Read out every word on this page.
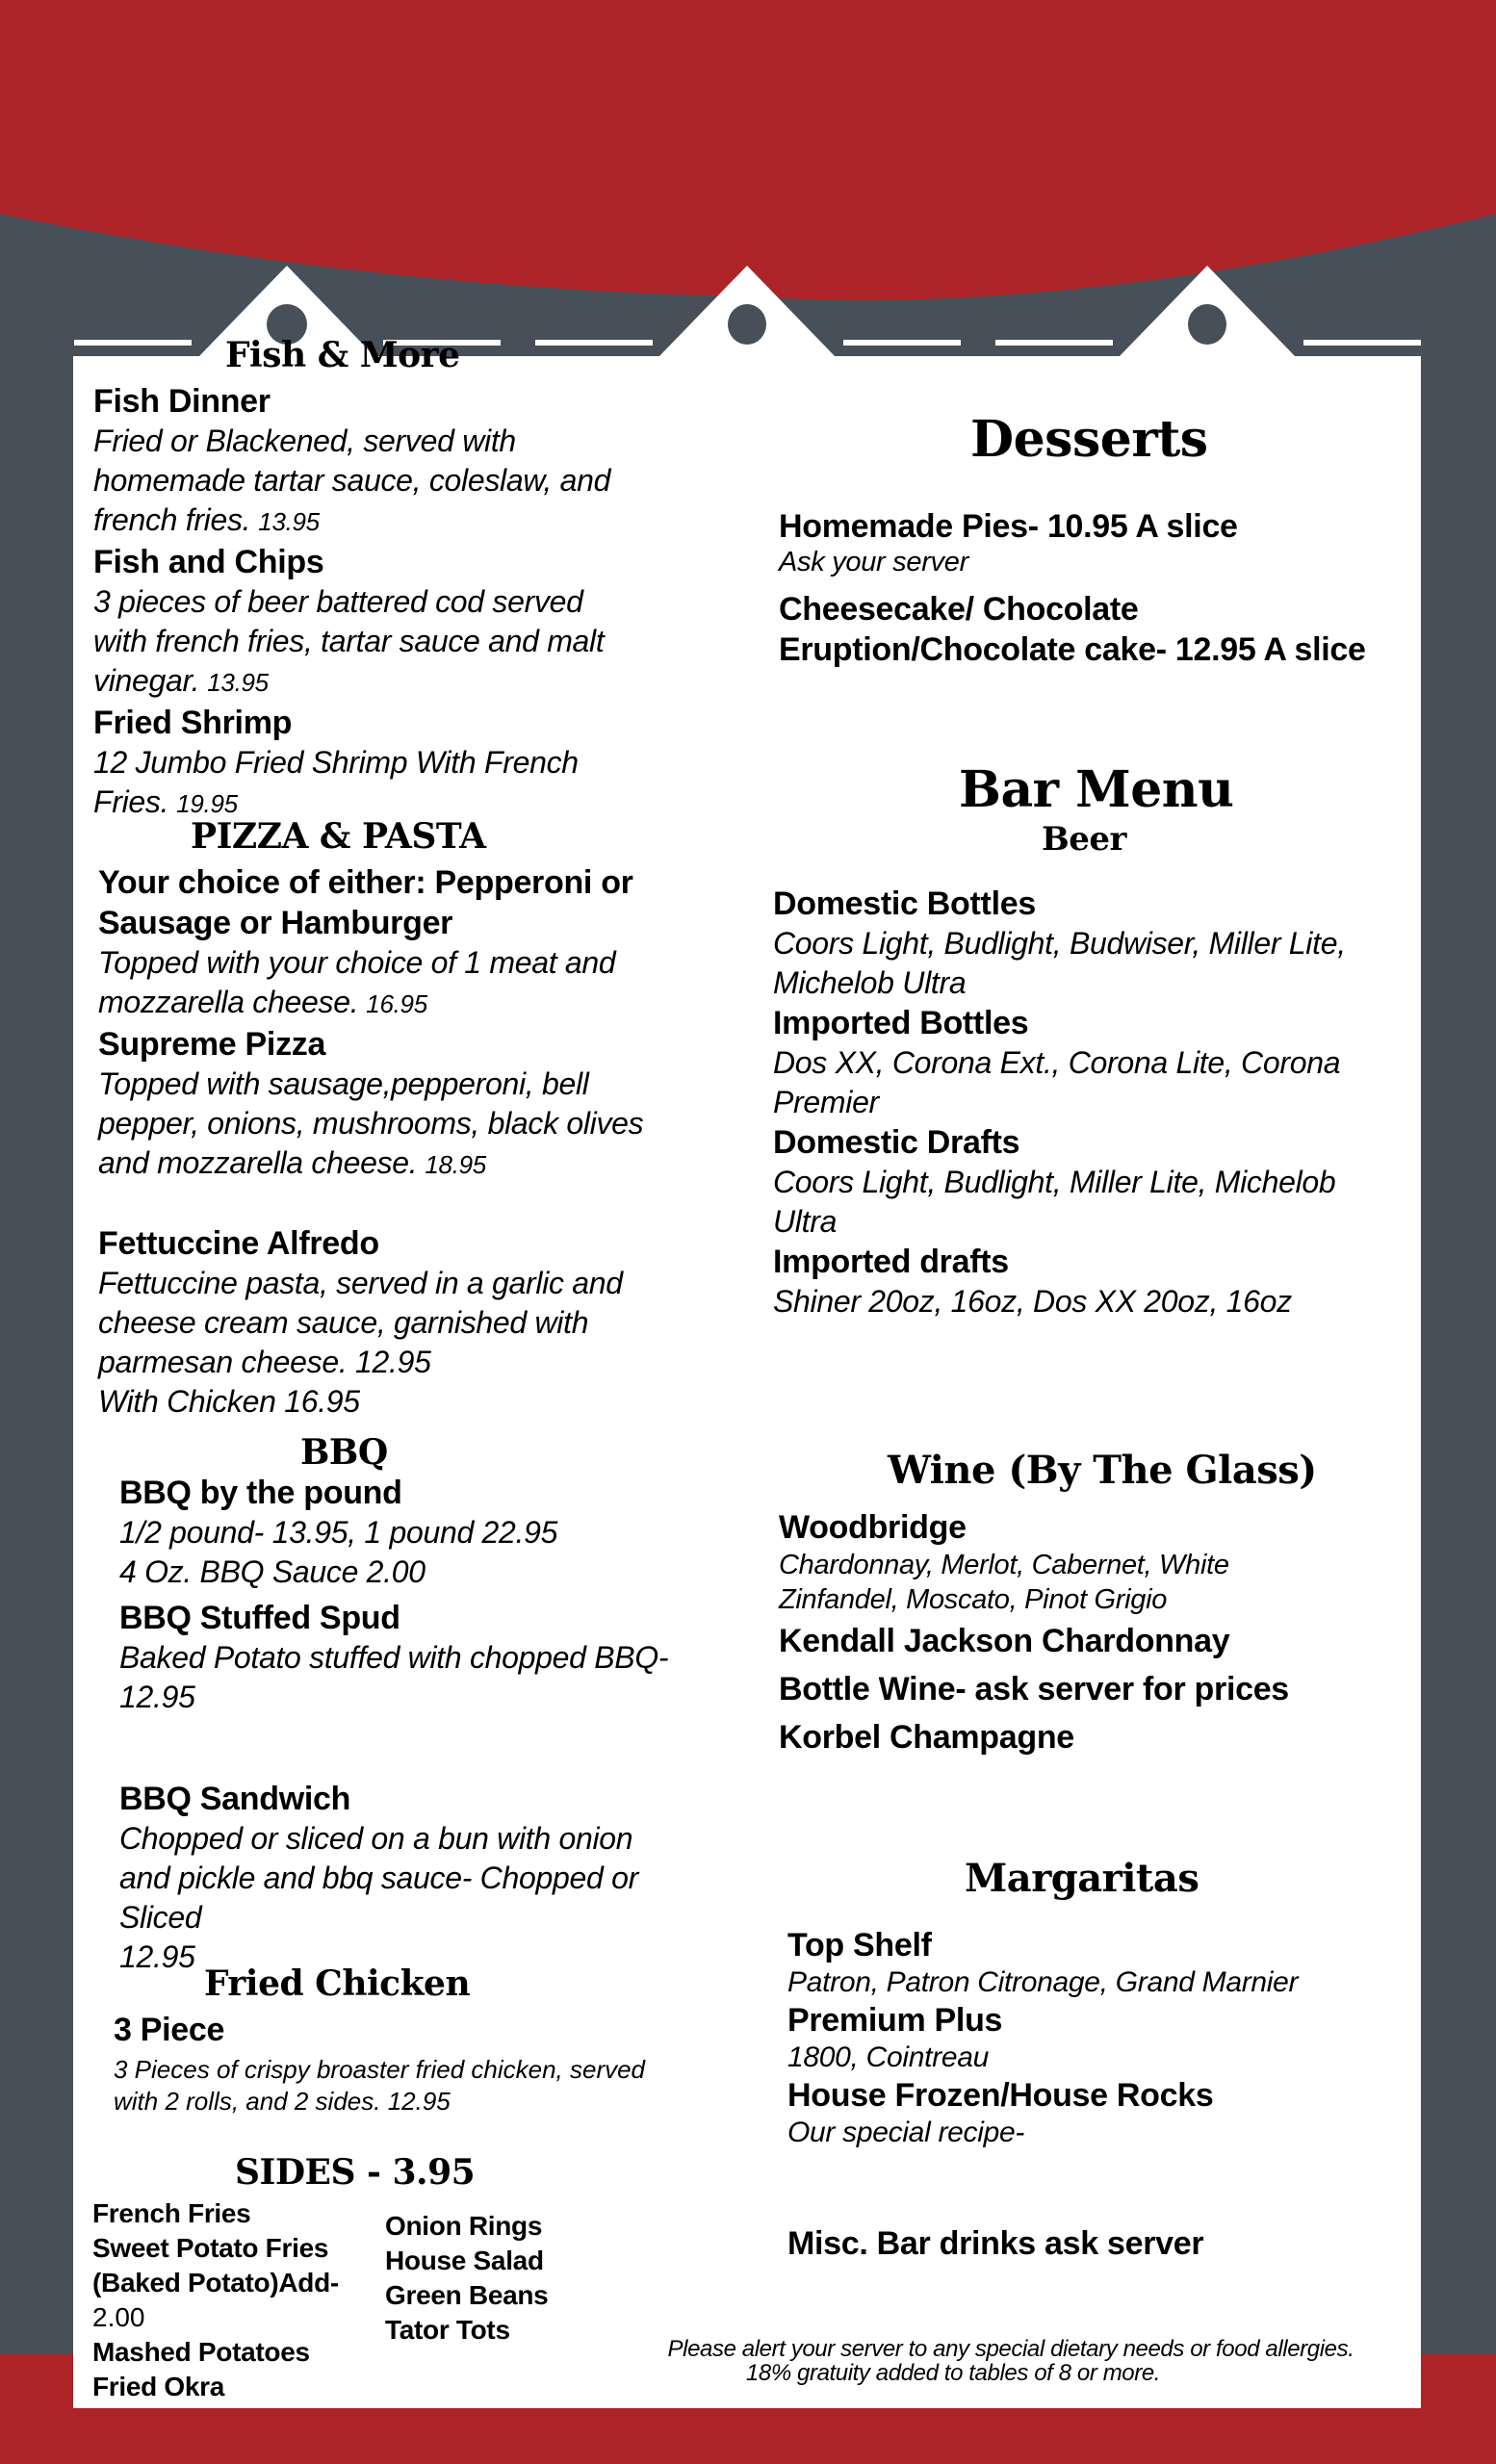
Fish & More
Fish Dinner
Fried or Blackened, served with
homemade tartar sauce, coleslaw, and
french fries. 13.95
Fish and Chips
3 pieces of beer battered cod served
with french fries, tartar sauce and malt
vinegar. 13.95
Fried Shrimp
12 Jumbo Fried Shrimp With French
Fries. 19.95
PIZZA & PASTA
Your choice of either: Pepperoni or
Sausage or Hamburger
Topped with your choice of 1 meat and
mozzarella cheese. 16.95
Supreme Pizza
Topped with sausage,pepperoni, bell
pepper, onions, mushrooms, black olives
and mozzarella cheese. 18.95
Fettuccine Alfredo
Fettuccine pasta, served in a garlic and
cheese cream sauce, garnished with
parmesan cheese. 12.95
With Chicken 16.95
BBQ
BBQ by the pound
1/2 pound- 13.95, 1 pound 22.95
4 Oz. BBQ Sauce 2.00
BBQ Stuffed Spud
Baked Potato stuffed with chopped BBQ-
12.95
BBQ Sandwich
Chopped or sliced on a bun with onion
and pickle and bbq sauce- Chopped or
Sliced
12.95
Fried Chicken
3 Piece
3 Pieces of crispy broaster fried chicken, served
with 2 rolls, and 2 sides. 12.95
SIDES - 3.95
French Fries
Sweet Potato Fries
(Baked Potato)Add-
2.00
Mashed Potatoes
Fried Okra
Onion Rings
House Salad
Green Beans
Tator Tots
Desserts
Homemade Pies- 10.95 A slice
Ask your server
Cheesecake/ Chocolate
Eruption/Chocolate cake- 12.95 A slice
Bar Menu
Beer
Domestic Bottles
Coors Light, Budlight, Budwiser, Miller Lite,
Michelob Ultra
Imported Bottles
Dos XX, Corona Ext., Corona Lite, Corona
Premier
Domestic Drafts
Coors Light, Budlight, Miller Lite, Michelob
Ultra
Imported drafts
Shiner 20oz, 16oz, Dos XX 20oz, 16oz
Wine (By The Glass)
Woodbridge
Chardonnay, Merlot, Cabernet, White
Zinfandel, Moscato, Pinot Grigio
Kendall Jackson Chardonnay
Bottle Wine- ask server for prices
Korbel Champagne
Margaritas
Top Shelf
Patron, Patron Citronage, Grand Marnier
Premium Plus
1800, Cointreau
House Frozen/House Rocks
Our special recipe-
Misc. Bar drinks ask server
Please alert your server to any special dietary needs or food allergies.
18% gratuity added to tables of 8 or more.
